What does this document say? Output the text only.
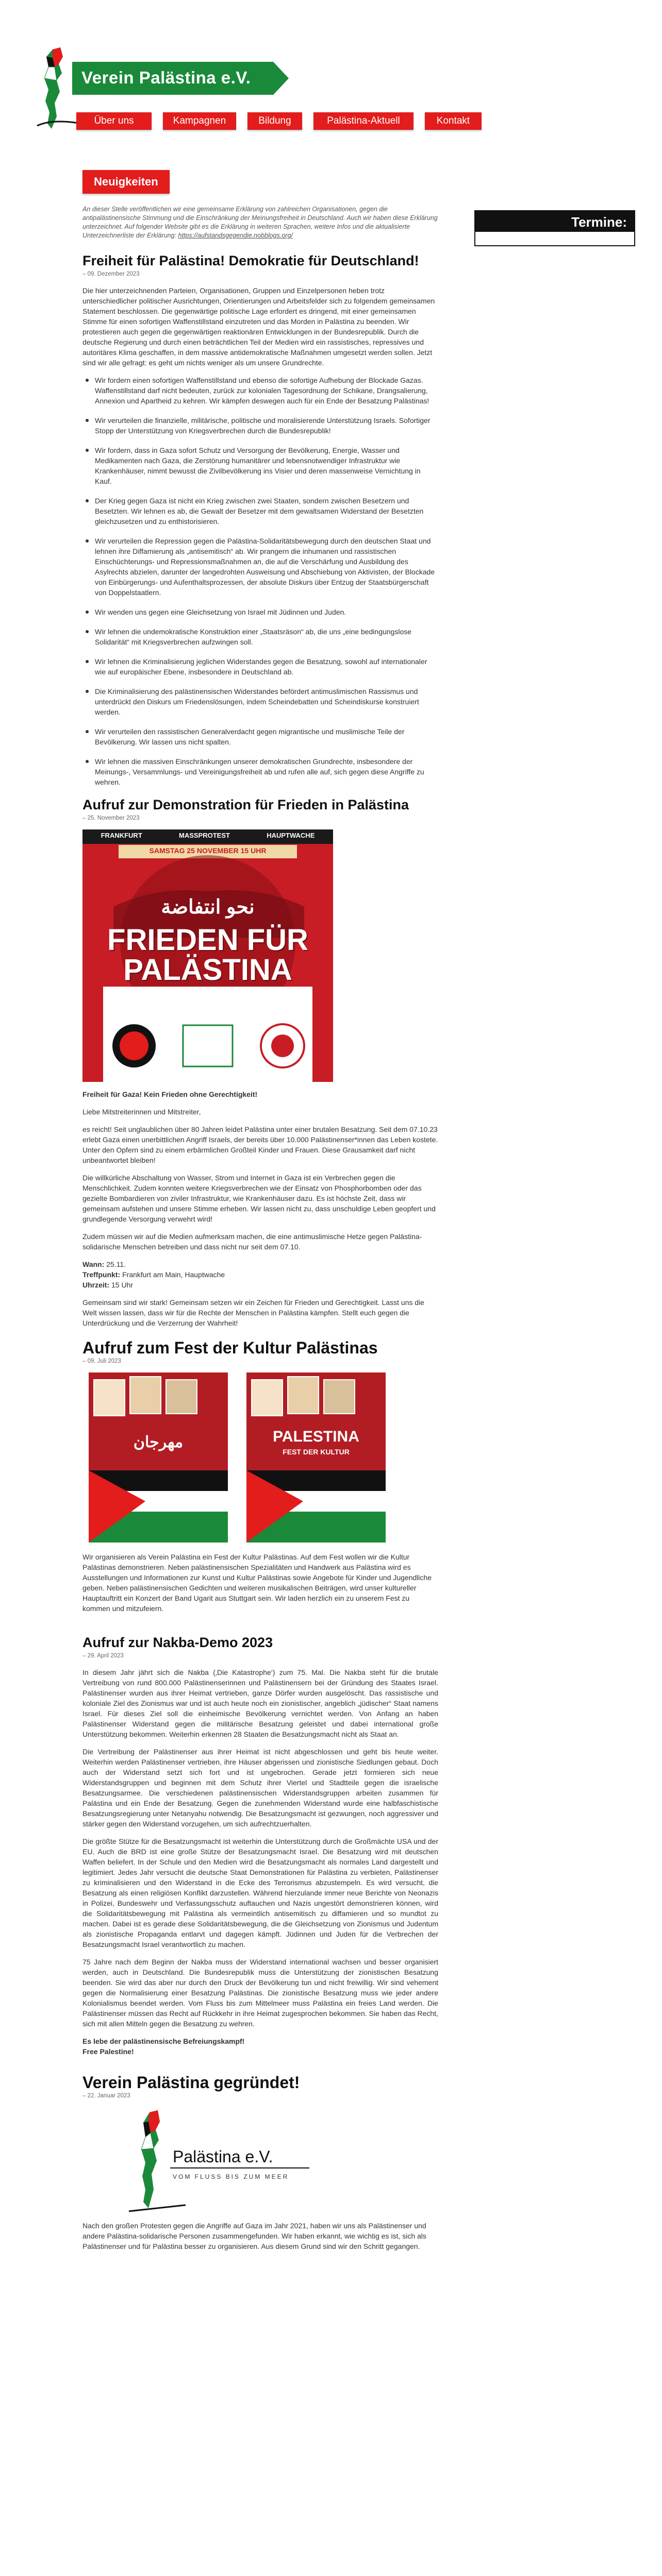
Verein Palästina e.V.
Über uns	Kampagnen	Bildung	Palästina-Aktuell	Kontakt
Termine:
Neuigkeiten
An dieser Stelle veröffentlichen wir eine gemeinsame Erklärung von zahlreichen Organisationen, gegen die antipalästinensische Stimmung und die Einschränkung der Meinungsfreiheit in Deutschland. Auch wir haben diese Erklärung unterzeichnet. Auf folgender Website gibt es die Erklärung in weiteren Sprachen, weitere Infos und die aktualisierte Unterzeichnerliste der Erklärung: https://aufstandsgegendie.nobblogs.org/
Freiheit für Palästina! Demokratie für Deutschland!
– 09. Dezember 2023

Die hier unterzeichnenden Parteien, Organisationen, Gruppen und Einzelpersonen heben trotz unterschiedlicher politischer Ausrichtungen, Orientierungen und Arbeitsfelder sich zu folgendem gemeinsamen Statement beschlossen. Die gegenwärtige politische Lage erfordert es dringend, mit einer gemeinsamen Stimme für einen sofortigen Waffenstillstand einzutreten und das Morden in Palästina zu beenden. Wir protestieren auch gegen die gegenwärtigen reaktionären Entwicklungen in der Bundesrepublik. Durch die deutsche Regierung und durch einen beträchtlichen Teil der Medien wird ein rassistisches, repressives und autoritäres Klima geschaffen, in dem massive antidemokratische Maßnahmen umgesetzt werden sollen. Jetzt sind wir alle gefragt: es geht um nichts weniger als um unsere Grundrechte.

Wir fordern einen sofortigen Waffenstillstand und ebenso die sofortige Aufhebung der Blockade Gazas. Waffenstillstand darf nicht bedeuten, zurück zur kolonialen Tagesordnung der Schikane, Drangsalierung, Annexion und Apartheid zu kehren. Wir kämpfen deswegen auch für ein Ende der Besatzung Palästinas!
Wir verurteilen die finanzielle, militärische, politische und moralisierende Unterstützung Israels. Sofortiger Stopp der Unterstützung von Kriegsverbrechen durch die Bundesrepublik!
Wir fordern, dass in Gaza sofort Schutz und Versorgung der Bevölkerung, Energie, Wasser und Medikamenten nach Gaza, die Zerstörung humanitärer und lebensnotwendiger Infrastruktur wie Krankenhäuser, nimmt bewusst die Zivilbevölkerung ins Visier und deren massenweise Vernichtung in Kauf.
Der Krieg gegen Gaza ist nicht ein Krieg zwischen zwei Staaten, sondern zwischen Besetzern und Besetzten. Wir lehnen es ab, die Gewalt der Besetzer mit dem gewaltsamen Widerstand der Besetzten gleichzusetzen und zu enthistorisieren.
Wir verurteilen die Repression gegen die Palästina-Solidaritätsbewegung durch den deutschen Staat und lehnen ihre Diffamierung als „antisemitisch“ ab. Wir prangern die inhumanen und rassistischen Einschüchterungs- und Repressionsmaßnahmen an, die auf die Verschärfung und Ausbildung des Asylrechts abzielen, darunter der langedrohten Ausweisung und Abschiebung von Aktivisten, der Blockade von Einbürgerungs- und Aufenthaltsprozessen, der absolute Diskurs über Entzug der Staatsbürgerschaft von Doppelstaatlern.
Wir wenden uns gegen eine Gleichsetzung von Israel mit Jüdinnen und Juden.
Wir lehnen die undemokratische Konstruktion einer „Staatsräson“ ab, die uns „eine bedingungslose Solidarität“ mit Kriegsverbrechen aufzwingen soll.
Wir lehnen die Kriminalisierung jeglichen Widerstandes gegen die Besatzung, sowohl auf internationaler wie auf europäischer Ebene, insbesondere in Deutschland ab.
Die Kriminalisierung des palästinensischen Widerstandes befördert antimuslimischen Rassismus und unterdrückt den Diskurs um Friedenslösungen, indem Scheindebatten und Scheindiskurse konstruiert werden.
Wir verurteilen den rassistischen Generalverdacht gegen migrantische und muslimische Teile der Bevölkerung. Wir lassen uns nicht spalten.
Wir lehnen die massiven Einschränkungen unserer demokratischen Grundrechte, insbesondere der Meinungs-, Versammlungs- und Vereinigungsfreiheit ab und rufen alle auf, sich gegen diese Angriffe zu wehren.
Aufruf zur Demonstration für Frieden in Palästina
– 25. November 2023
FRANKFURT	MASSPROTEST	HAUPTWACHE
SAMSTAG 25 NOVEMBER 15 UHR
نحو انتفاضة
FRIEDEN FÜR
PALÄSTINA

Freiheit für Gaza! Kein Frieden ohne Gerechtigkeit!

Liebe Mitstreiterinnen und Mitstreiter,

es reicht! Seit unglaublichen über 80 Jahren leidet Palästina unter einer brutalen Besatzung. Seit dem 07.10.23 erlebt Gaza einen unerbittlichen Angriff Israels, der bereits über 10.000 Palästinenser*innen das Leben kostete. Unter den Opfern sind zu einem erbärmlichen Großteil Kinder und Frauen. Diese Grausamkeit darf nicht unbeantwortet bleiben!

Die willkürliche Abschaltung von Wasser, Strom und Internet in Gaza ist ein Verbrechen gegen die Menschlichkeit. Zudem konnten weitere Kriegsverbrechen wie der Einsatz von Phosphorbomben oder das gezielte Bombardieren von ziviler Infrastruktur, wie Krankenhäuser dazu. Es ist höchste Zeit, dass wir gemeinsam aufstehen und unsere Stimme erheben. Wir lassen nicht zu, dass unschuldige Leben geopfert und grundlegende Versorgung verwehrt wird!

Zudem müssen wir auf die Medien aufmerksam machen, die eine antimuslimische Hetze gegen Palästina-solidarische Menschen betreiben und dass nicht nur seit dem 07.10.

Wann: 25.11.

Treffpunkt: Frankfurt am Main, Hauptwache

Uhrzeit: 15 Uhr

Gemeinsam sind wir stark! Gemeinsam setzen wir ein Zeichen für Frieden und Gerechtigkeit. Lasst uns die Welt wissen lassen, dass wir für die Rechte der Menschen in Palästina kämpfen. Stellt euch gegen die Unterdrückung und die Verzerrung der Wahrheit!

Aufruf zum Fest der Kultur Palästinas
– 09. Juli 2023
مهرجان	PALESTINA
FEST DER KULTUR

Wir organisieren als Verein Palästina ein Fest der Kultur Palästinas. Auf dem Fest wollen wir die Kultur Palästinas demonstrieren. Neben palästinensischen Spezialitäten und Handwerk aus Palästina wird es Ausstellungen und Informationen zur Kunst und Kultur Palästinas sowie Angebote für Kinder und Jugendliche geben. Neben palästinensischen Gedichten und weiteren musikalischen Beiträgen, wird unser kultureller Hauptauftritt ein Konzert der Band Ugarit aus Stuttgart sein. Wir laden herzlich ein zu unserem Fest zu kommen und mitzufeiern.

Aufruf zur Nakba-Demo 2023
– 29. April 2023

In diesem Jahr jährt sich die Nakba (‚Die Katastrophe‘) zum 75. Mal. Die Nakba steht für die brutale Vertreibung von rund 800.000 Palästinenserinnen und Palästinensern bei der Gründung des Staates Israel. Palästinenser wurden aus ihrer Heimat vertrieben, ganze Dörfer wurden ausgelöscht. Das rassistische und koloniale Ziel des Zionismus war und ist auch heute noch ein zionistischer, angeblich „jüdischer“ Staat namens Israel. Für dieses Ziel soll die einheimische Bevölkerung vernichtet werden. Von Anfang an haben Palästinenser Widerstand gegen die militärische Besatzung geleistet und dabei international große Unterstützung bekommen. Weiterhin erkennen 28 Staaten die Besatzungsmacht nicht als Staat an.

Die Vertreibung der Palästinenser aus ihrer Heimat ist nicht abgeschlossen und geht bis heute weiter. Weiterhin werden Palästinenser vertrieben, ihre Häuser abgerissen und zionistische Siedlungen gebaut. Doch auch der Widerstand setzt sich fort und ist ungebrochen. Gerade jetzt formieren sich neue Widerstandsgruppen und beginnen mit dem Schutz ihrer Viertel und Stadtteile gegen die israelische Besatzungsarmee. Die verschiedenen palästinensischen Widerstandsgruppen arbeiten zusammen für Palästina und ein Ende der Besatzung. Gegen die zunehmenden Widerstand wurde eine halbfaschistische Besatzungsregierung unter Netanyahu notwendig. Die Besatzungsmacht ist gezwungen, noch aggressiver und stärker gegen den Widerstand vorzugehen, um sich aufrechtzuerhalten.

Die größte Stütze für die Besatzungsmacht ist weiterhin die Unterstützung durch die Großmächte USA und der EU. Auch die BRD ist eine große Stütze der Besatzungsmacht Israel. Die Besatzung wird mit deutschen Waffen beliefert. In der Schule und den Medien wird die Besatzungsmacht als normales Land dargestellt und legitimiert. Jedes Jahr versucht die deutsche Staat Demonstrationen für Palästina zu verbieten, Palästinenser zu kriminalisieren und den Widerstand in die Ecke des Terrorismus abzustempeln. Es wird versucht, die Besatzung als einen religiösen Konflikt darzustellen. Während hierzulande immer neue Berichte von Neonazis in Polizei, Bundeswehr und Verfassungsschutz auftauchen und Nazis ungestört demonstrieren können, wird die Solidaritätsbewegung mit Palästina als vermeintlich antisemitisch zu diffamieren und so mundtot zu machen. Dabei ist es gerade diese Solidaritätsbewegung, die die Gleichsetzung von Zionismus und Judentum als zionistische Propaganda entlarvt und dagegen kämpft. Jüdinnen und Juden für die Verbrechen der Besatzungsmacht Israel verantwortlich zu machen.

75 Jahre nach dem Beginn der Nakba muss der Widerstand international wachsen und besser organisiert werden, auch in Deutschland. Die Bundesrepublik muss die Unterstützung der zionistischen Besatzung beenden. Sie wird das aber nur durch den Druck der Bevölkerung tun und nicht freiwillig. Wir sind vehement gegen die Normalisierung einer Besatzung Palästinas. Die zionistische Besatzung muss wie jeder andere Kolonialismus beendet werden. Vom Fluss bis zum Mittelmeer muss Palästina ein freies Land werden. Die Palästinenser müssen das Recht auf Rückkehr in ihre Heimat zugesprochen bekommen. Sie haben das Recht, sich mit allen Mitteln gegen die Besatzung zu wehren.

Es lebe der palästinensische Befreiungskampf!

Free Palestine!

Verein Palästina gegründet!
– 22. Januar 2023
Palästina e.V.
VOM FLUSS BIS ZUM MEER

Nach den großen Protesten gegen die Angriffe auf Gaza im Jahr 2021, haben wir uns als Palästinenser und andere Palästina-solidarische Personen zusammengefunden. Wir haben erkannt, wie wichtig es ist, sich als Palästinenser und für Palästina besser zu organisieren. Aus diesem Grund sind wir den Schritt gegangen.
